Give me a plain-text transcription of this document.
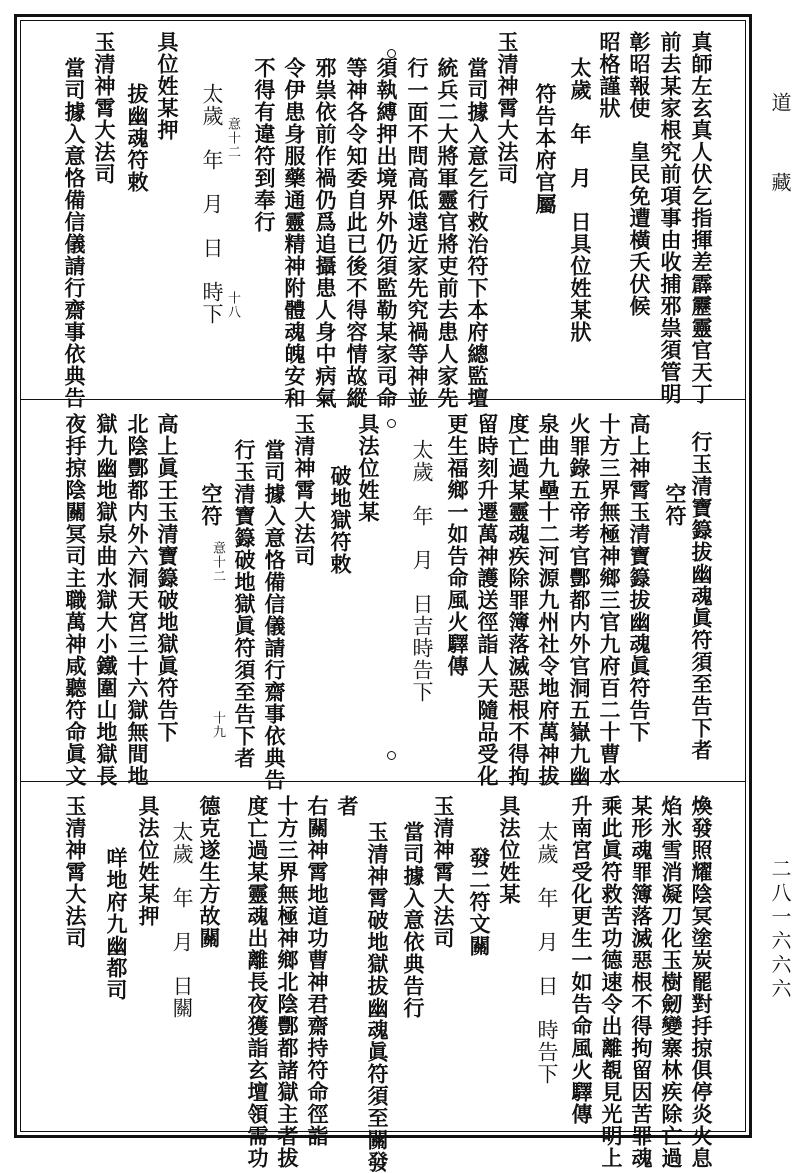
真師左玄真人伏乞指揮差霹靂靈官天丁
前去某家根究前項事由收捕邪祟須管明
彰昭報使　皇民免遭橫夭伏候
昭格謹狀
太歲　年　月　日具位姓某狀
符告本府官屬
玉清神霄大法司
當司據入意乞行救治符下本府總監壇
統兵二大將軍靈官將吏前去患人家先
行一面不問高低遠近家先究禍等神並
須執縛押出境界外仍須監勒某家司命
等神各令知委自此已後不得容情故縱
邪祟依前作禍仍爲追攝患人身中病氣
令伊患身服藥通靈精神附體魂魄安和
不得有違符到奉行
意十二
太歲　年　月　日　時下 十八
具位姓某押
拔幽魂符敕
玉清神霄大法司
當司據入意恪備信儀請行齋事依典告
行玉清寶籙拔幽魂眞符須至告下者
空符
高上神霄玉清寶籙拔幽魂眞符告下
十方三界無極神鄉三官九府百二十曹水
火罪錄五帝考官酆都内外官洞五嶽九幽
泉曲九壘十二河源九州社令地府萬神拔
度亡過某靈魂疾除罪簿落滅惡根不得拘
留時刻升遷萬神護送徑詣人天隨品受化
更生福鄉一如告命風火驛傳
太歲　年　月　日吉時告下
具法位姓某
破地獄符敕
玉清神霄大法司
當司據入意恪備信儀請行齋事依典告
行玉清寶籙破地獄眞符須至告下者
意十二
空符
十九
高上眞王玉清寶籙破地獄眞符告下
北陰酆都内外六洞天宮三十六獄無間地
獄九幽地獄泉曲水獄大小鐵圍山地獄長
夜抙掠陰關冥司主職萬神咸聽符命眞文
煥發照耀陰冥塗炭罷對抙掠俱停炎火息
焰氷雪消凝刀化玉樹劒變寨林疾除亡過
某形魂罪簿落滅惡根不得拘留因苦罪魂
乘此眞符救苦功德速令出離覩見光明上
升南宮受化更生一如告命風火驛傳
太歲　年　月　日　時告下
具法位姓某
發二符文關
玉清神霄大法司
當司據入意依典告行
玉清神霄破地獄拔幽魂眞符須至關發
者
右關神霄地道功曹神君齋持符命徑詣
十方三界無極神鄉北陰酆都諸獄主者拔
度亡過某靈魂出離長夜獲詣玄壇領需功
德克遂生方故關
太歲　年　月　日關
具法位姓某押
咩地府九幽都司
玉清神霄大法司
道藏
二八一六六六
